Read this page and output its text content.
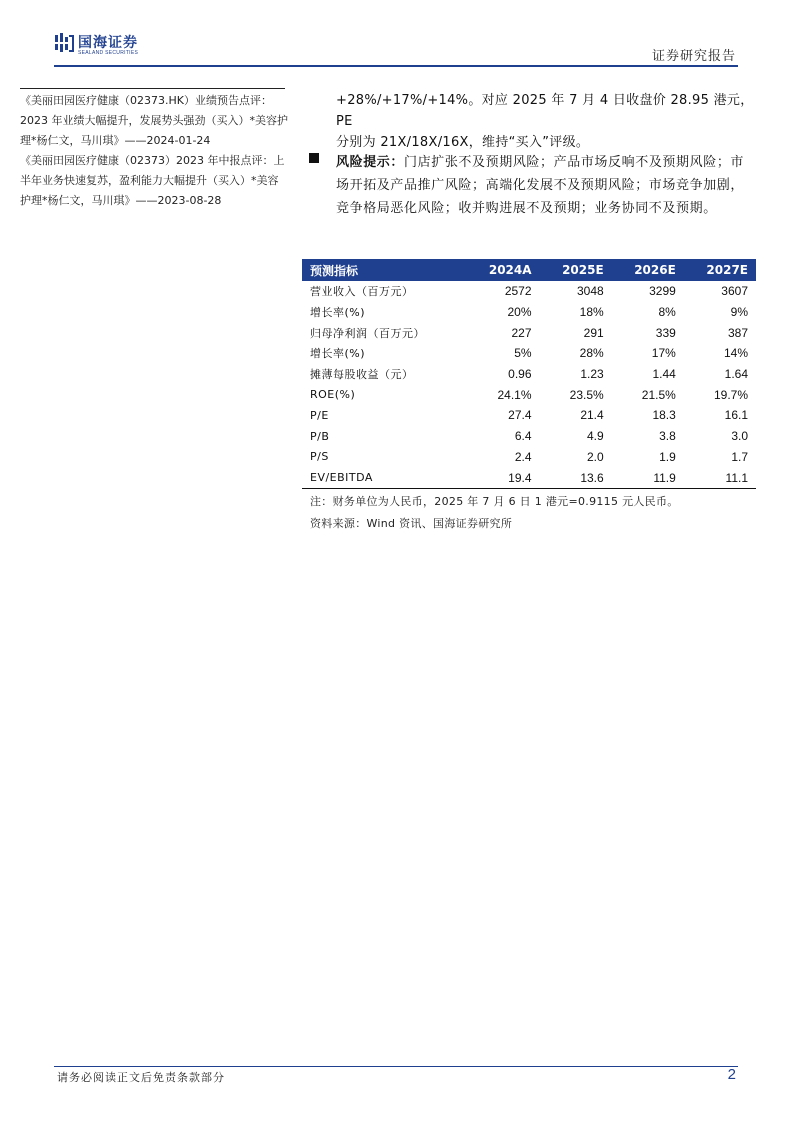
国海证券
SEALAND SECURITIES	证券研究报告

《美丽田园医疗健康（02373.HK）业绩预告点评：2023 年业绩大幅提升，发展势头强劲（买入）*美容护理*杨仁文，马川琪》——2024-01-24

《美丽田园医疗健康（02373）2023 年中报点评：上半年业务快速复苏，盈利能力大幅提升（买入）*美容护理*杨仁文，马川琪》——2023-08-28

+28%/+17%/+14%。对应 2025 年 7 月 4 日收盘价 28.95 港元，PE

分别为 21X/18X/16X，维持“买入”评级。

风险提示：门店扩张不及预期风险；产品市场反响不及预期风险；市场开拓及产品推广风险；高端化发展不及预期风险；市场竞争加剧，竞争格局恶化风险；收并购进展不及预期；业务协同不及预期。
预测指标	2024A	2025E	2026E	2027E
营业收入（百万元）	2572	3048	3299	3607
增长率(%)	20%	18%	8%	9%
归母净利润（百万元）	227	291	339	387
增长率(%)	5%	28%	17%	14%
摊薄每股收益（元）	0.96	1.23	1.44	1.64
ROE(%)	24.1%	23.5%	21.5%	19.7%
P/E	27.4	21.4	18.3	16.1
P/B	6.4	4.9	3.8	3.0
P/S	2.4	2.0	1.9	1.7
EV/EBITDA	19.4	13.6	11.9	11.1
注：财务单位为人民币，2025 年 7 月 6 日 1 港元=0.9115 元人民币。
资料来源：Wind 资讯、国海证券研究所
请务必阅读正文后免责条款部分	2
